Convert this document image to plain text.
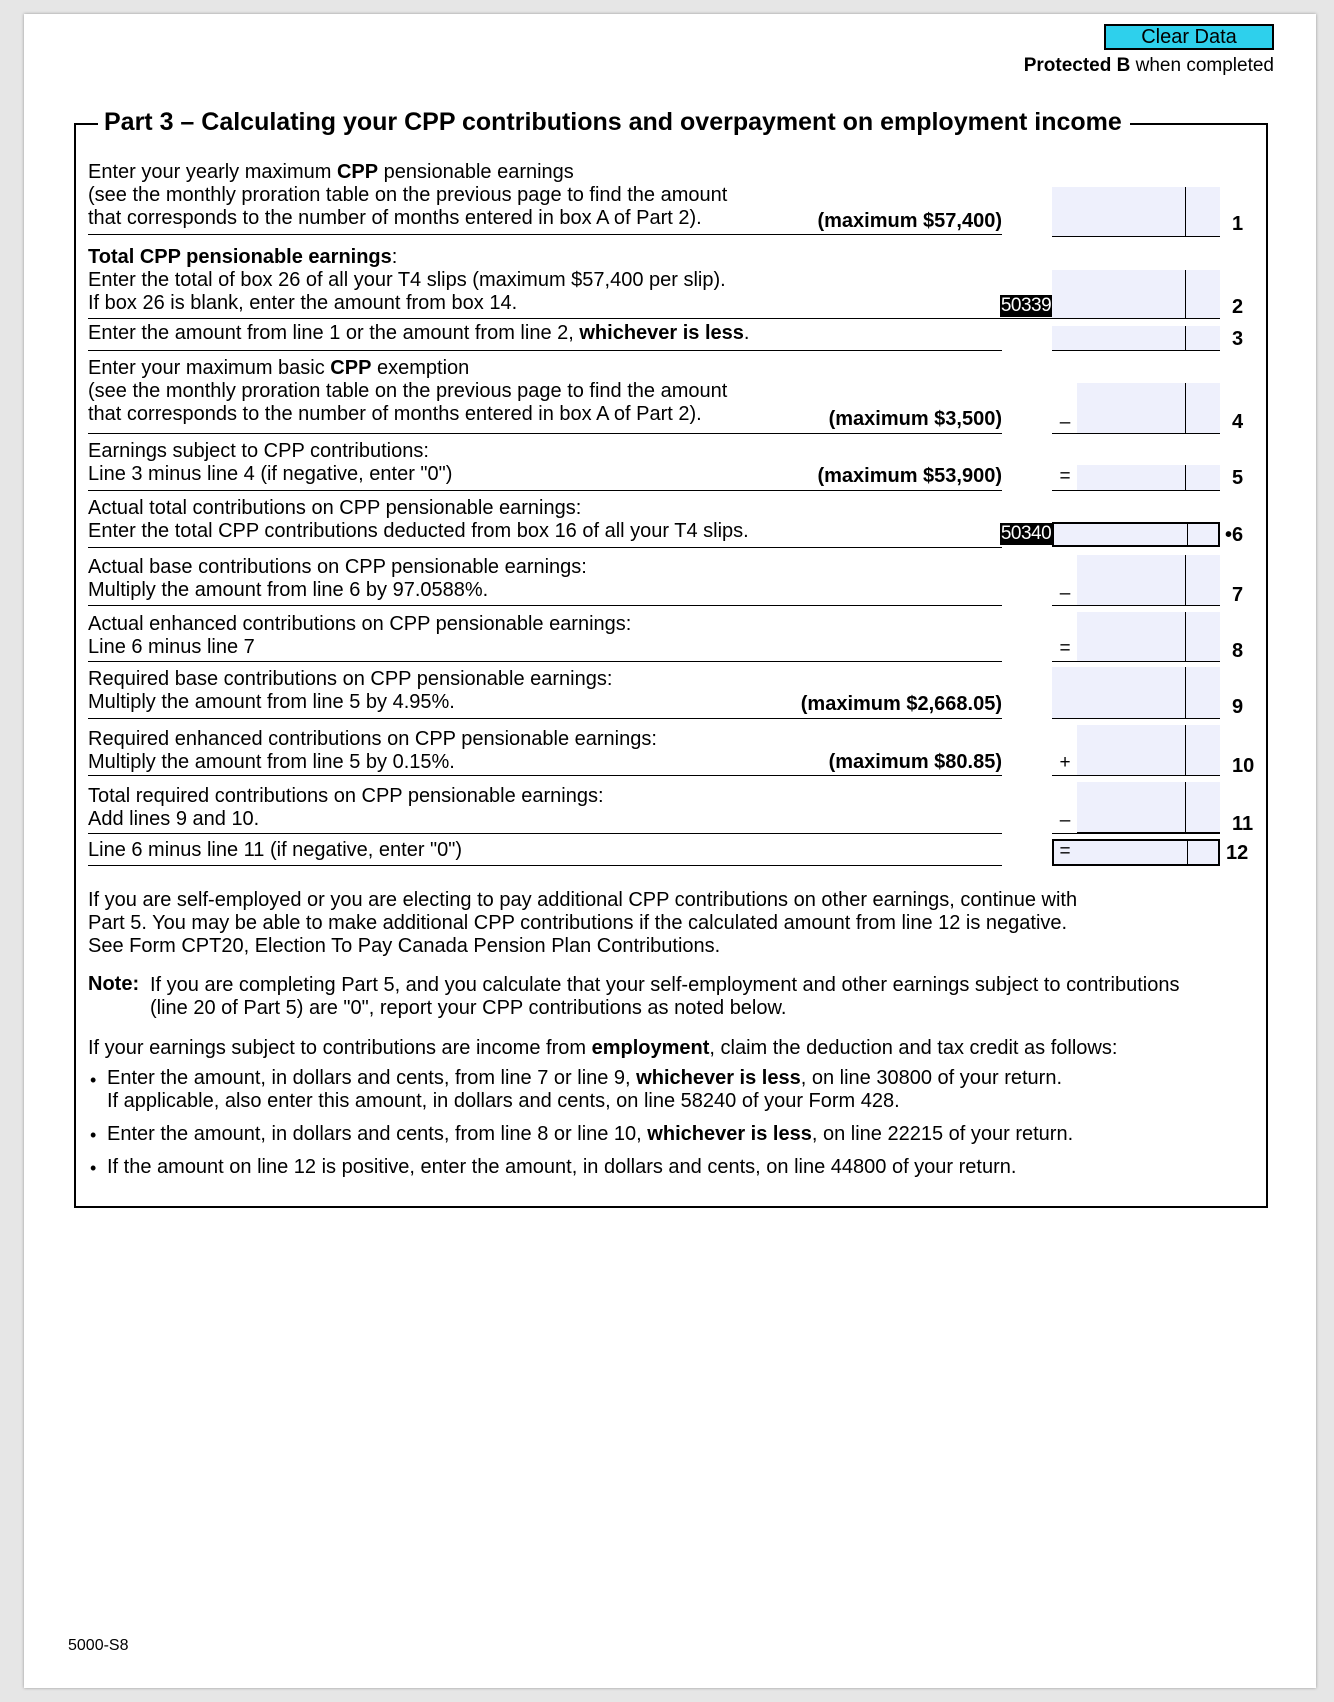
Clear Data
Protected B when completed
Part 3 – Calculating your CPP contributions and overpayment on employment income
Enter your yearly maximum CPP pensionable earnings
(see the monthly proration table on the previous page to find the amount
that corresponds to the number of months entered in box A of Part 2).	(maximum $57,400)	1
Total CPP pensionable earnings:
Enter the total of box 26 of all your T4 slips (maximum $57,400 per slip).
If box 26 is blank, enter the amount from box 14.	50339	2
Enter the amount from line 1 or the amount from line 2, whichever is less.	3
Enter your maximum basic CPP exemption
(see the monthly proration table on the previous page to find the amount
that corresponds to the number of months entered in box A of Part 2).	(maximum $3,500)	–	4
Earnings subject to CPP contributions:
Line 3 minus line 4 (if negative, enter "0")	(maximum $53,900)	=	5
Actual total contributions on CPP pensionable earnings:
Enter the total CPP contributions deducted from box 16 of all your T4 slips.	50340	•6
Actual base contributions on CPP pensionable earnings:
Multiply the amount from line 6 by 97.0588%.	–	7
Actual enhanced contributions on CPP pensionable earnings:
Line 6 minus line 7	=	8
Required base contributions on CPP pensionable earnings:
Multiply the amount from line 5 by 4.95%.	(maximum $2,668.05)	9
Required enhanced contributions on CPP pensionable earnings:
Multiply the amount from line 5 by 0.15%.	(maximum $80.85)	+	10
Total required contributions on CPP pensionable earnings:
Add lines 9 and 10.	–	11
Line 6 minus line 11 (if negative, enter "0")	=	12
If you are self-employed or you are electing to pay additional CPP contributions on other earnings, continue with
Part 5. You may be able to make additional CPP contributions if the calculated amount from line 12 is negative.
See Form CPT20, Election To Pay Canada Pension Plan Contributions.
Note: If you are completing Part 5, and you calculate that your self-employment and other earnings subject to contributions
(line 20 of Part 5) are "0", report your CPP contributions as noted below.
If your earnings subject to contributions are income from employment, claim the deduction and tax credit as follows:
• Enter the amount, in dollars and cents, from line 7 or line 9, whichever is less, on line 30800 of your return.
If applicable, also enter this amount, in dollars and cents, on line 58240 of your Form 428.
• Enter the amount, in dollars and cents, from line 8 or line 10, whichever is less, on line 22215 of your return.
• If the amount on line 12 is positive, enter the amount, in dollars and cents, on line 44800 of your return.
5000-S8
